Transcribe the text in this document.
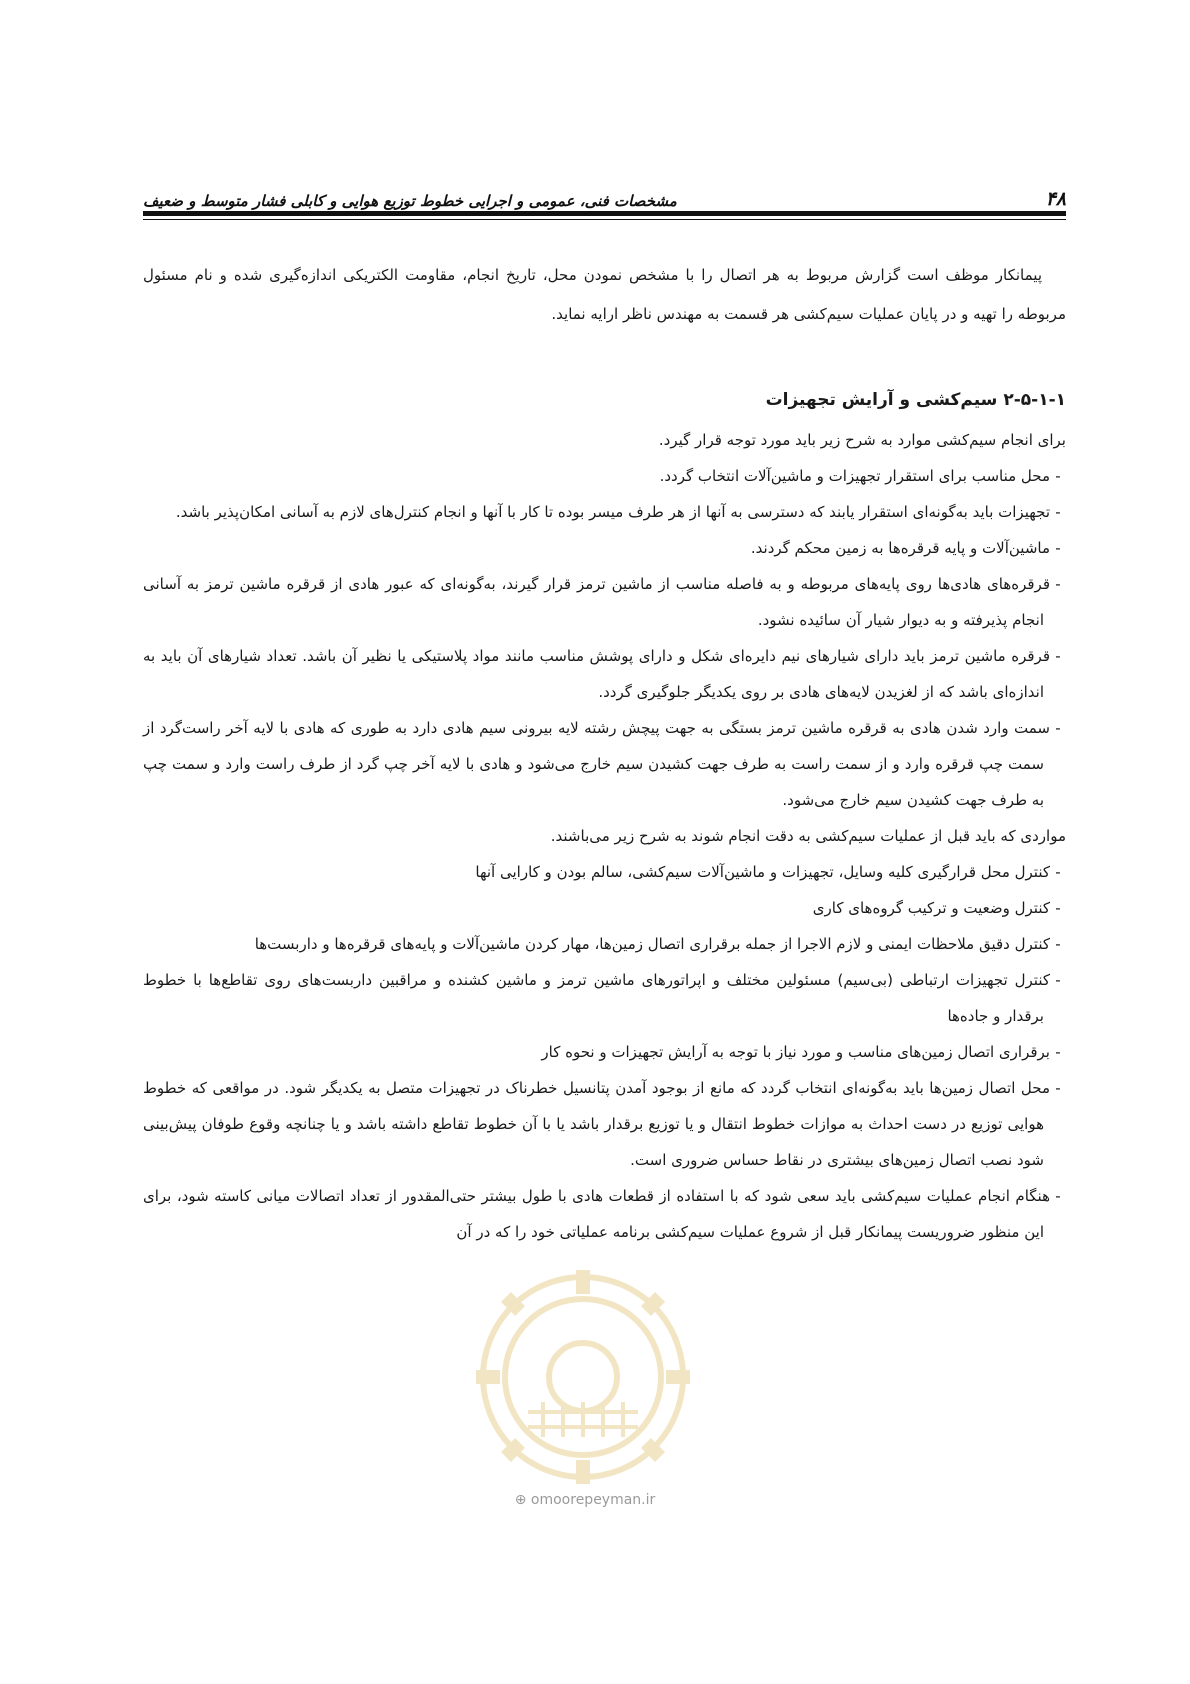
۴۸
مشخصات فنی، عمومی و اجرایی خطوط توزیع هوایی و کابلی فشار متوسط و ضعیف

پیمانکار موظف است گزارش مربوط به هر اتصال را با مشخص نمودن محل، تاریخ انجام، مقاومت الکتریکی اندازه‌گیری شده و نام مسئول مربوطه را تهیه و در پایان عملیات سیم‌کشی هر قسمت به مهندس ناظر ارایه نماید.

۲-۵-۱-۱ سیم‌کشی و آرایش تجهیزات

برای انجام سیم‌کشی موارد به شرح زیر باید مورد توجه قرار گیرد.

-محل مناسب برای استقرار تجهیزات و ماشین‌آلات انتخاب گردد.
-تجهیزات باید به‌گونه‌ای استقرار یابند که دسترسی به آنها از هر طرف میسر بوده تا کار با آنها و انجام کنترل‌های لازم به آسانی امکان‌پذیر باشد.
-ماشین‌آلات و پایه قرقره‌ها به زمین محکم گردند.
-قرقره‌های هادی‌ها روی پایه‌های مربوطه و به فاصله مناسب از ماشین ترمز قرار گیرند، به‌گونه‌ای که عبور هادی از قرقره ماشین ترمز به آسانی انجام پذیرفته و به دیوار شیار آن سائیده نشود.
-قرقره ماشین ترمز باید دارای شیارهای نیم دایره‌ای شکل و دارای پوشش مناسب مانند مواد پلاستیکی یا نظیر آن باشد. تعداد شیارهای آن باید به اندازه‌ای باشد که از لغزیدن لایه‌های هادی بر روی یکدیگر جلوگیری گردد.
-سمت وارد شدن هادی به قرقره ماشین ترمز بستگی به جهت پیچش رشته لایه بیرونی سیم هادی دارد به طوری که هادی با لایه آخر راست‌گرد از سمت چپ قرقره وارد و از سمت راست به طرف جهت کشیدن سیم خارج می‌شود و هادی با لایه آخر چپ گرد از طرف راست وارد و سمت چپ به طرف جهت کشیدن سیم خارج می‌شود.

مواردی که باید قبل از عملیات سیم‌کشی به دقت انجام شوند به شرح زیر می‌باشند.

-کنترل محل قرارگیری کلیه وسایل، تجهیزات و ماشین‌آلات سیم‌کشی، سالم بودن و کارایی آنها
-کنترل وضعیت و ترکیب گروه‌های کاری
-کنترل دقیق ملاحظات ایمنی و لازم الاجرا از جمله برقراری اتصال زمین‌ها، مهار کردن ماشین‌آلات و پایه‌های قرقره‌ها و داربست‌ها
-کنترل تجهیزات ارتباطی (بی‌سیم) مسئولین مختلف و اپراتورهای ماشین ترمز و ماشین کشنده و مراقبین داربست‌های روی تقاطع‌ها با خطوط برقدار و جاده‌ها
-برقراری اتصال زمین‌های مناسب و مورد نیاز با توجه به آرایش تجهیزات و نحوه کار
-محل اتصال زمین‌ها باید به‌گونه‌ای انتخاب گردد که مانع از بوجود آمدن پتانسیل خطرناک در تجهیزات متصل به یکدیگر شود. در مواقعی که خطوط هوایی توزیع در دست احداث به موازات خطوط انتقال و یا توزیع برقدار باشد یا با آن خطوط تقاطع داشته باشد و یا چنانچه وقوع طوفان پیش‌بینی شود نصب اتصال زمین‌های بیشتری در نقاط حساس ضروری است.
-هنگام انجام عملیات سیم‌کشی باید سعی شود که با استفاده از قطعات هادی با طول بیشتر حتی‌المقدور از تعداد اتصالات میانی کاسته شود، برای این منظور ضروریست پیمانکار قبل از شروع عملیات سیم‌کشی برنامه عملیاتی خود را که در آن
⊕ omoorepeyman.ir
